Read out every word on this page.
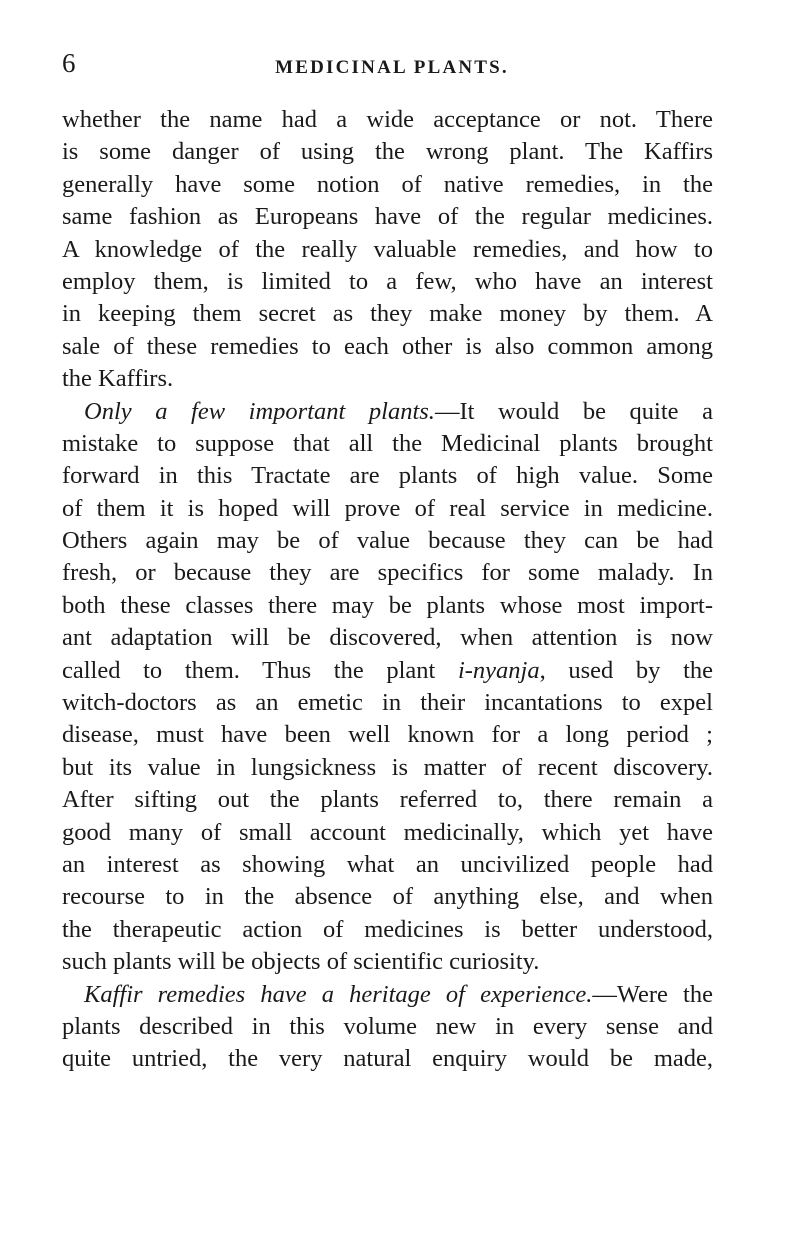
6	MEDICINAL PLANTS.
whether the name had a wide acceptance or not. There
is some danger of using the wrong plant. The Kaffirs
generally have some notion of native remedies, in the
same fashion as Europeans have of the regular medicines.
A knowledge of the really valuable remedies, and how to
employ them, is limited to a few, who have an interest
in keeping them secret as they make money by them. A
sale of these remedies to each other is also common among
the Kaffirs.
Only a few important plants.—It would be quite a
mistake to suppose that all the Medicinal plants brought
forward in this Tractate are plants of high value. Some
of them it is hoped will prove of real service in medicine.
Others again may be of value because they can be had
fresh, or because they are specifics for some malady. In
both these classes there may be plants whose most import-
ant adaptation will be discovered, when attention is now
called to them. Thus the plant i-nyanja, used by the
witch-doctors as an emetic in their incantations to expel
disease, must have been well known for a long period ;
but its value in lungsickness is matter of recent discovery.
After sifting out the plants referred to, there remain a
good many of small account medicinally, which yet have
an interest as showing what an uncivilized people had
recourse to in the absence of anything else, and when
the therapeutic action of medicines is better understood,
such plants will be objects of scientific curiosity.
Kaffir remedies have a heritage of experience.—Were the
plants described in this volume new in every sense and
quite untried, the very natural enquiry would be made,
